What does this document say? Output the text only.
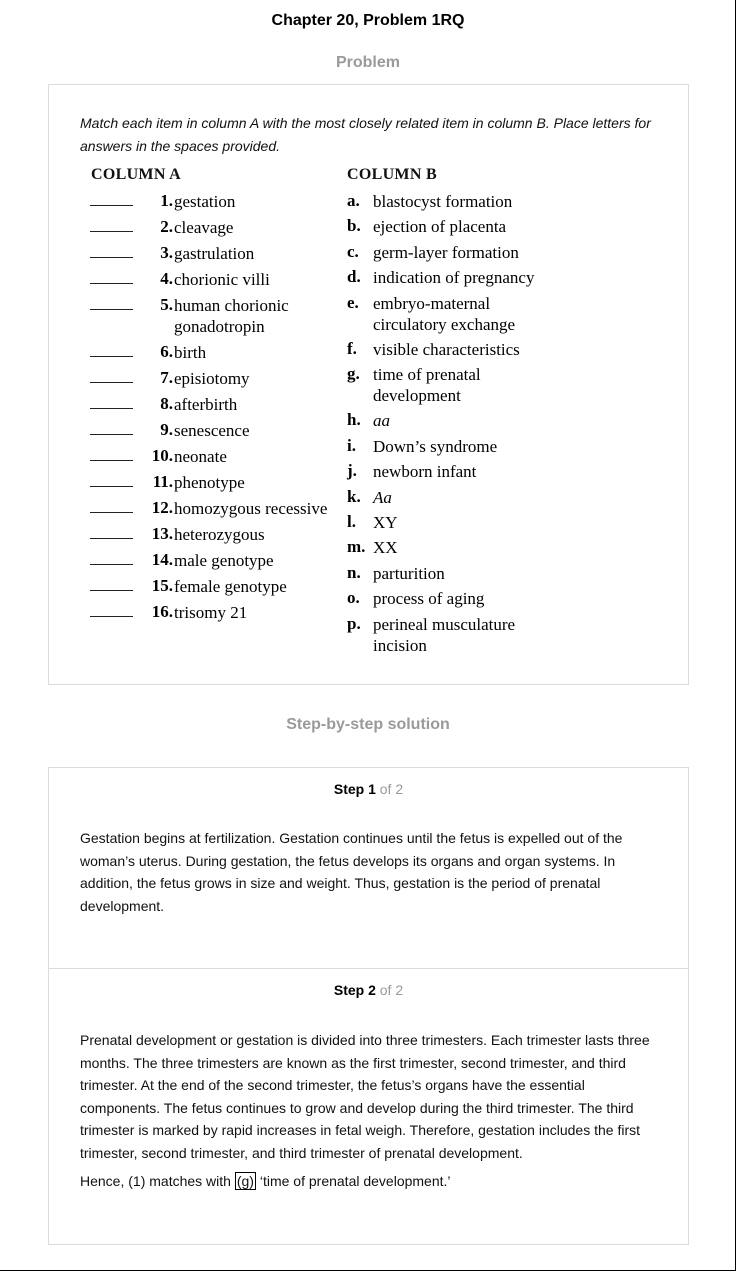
Chapter 20, Problem 1RQ
Problem
Match each item in column A with the most closely related item in column B. Place letters for answers in the spaces provided.
COLUMN A	COLUMN B
1. gestation
2. cleavage
3. gastrulation
4. chorionic villi
5. human chorionic gonadotropin
6. birth
7. episiotomy
8. afterbirth
9. senescence
10. neonate
11. phenotype
12. homozygous recessive
13. heterozygous
14. male genotype
15. female genotype
16. trisomy 21
a. blastocyst formation
b. ejection of placenta
c. germ-layer formation
d. indication of pregnancy
e. embryo-maternal circulatory exchange
f. visible characteristics
g. time of prenatal development
h. aa
i. Down’s syndrome
j. newborn infant
k. Aa
l. XY
m. XX
n. parturition
o. process of aging
p. perineal musculature incision
Step-by-step solution
Step 1 of 2
Gestation begins at fertilization. Gestation continues until the fetus is expelled out of the woman’s uterus. During gestation, the fetus develops its organs and organ systems. In addition, the fetus grows in size and weight. Thus, gestation is the period of prenatal development.
Step 2 of 2
Prenatal development or gestation is divided into three trimesters. Each trimester lasts three months. The three trimesters are known as the first trimester, second trimester, and third trimester. At the end of the second trimester, the fetus’s organs have the essential components. The fetus continues to grow and develop during the third trimester. The third trimester is marked by rapid increases in fetal weigh. Therefore, gestation includes the first trimester, second trimester, and third trimester of prenatal development.
Hence, (1) matches with (g) ‘time of prenatal development.’
